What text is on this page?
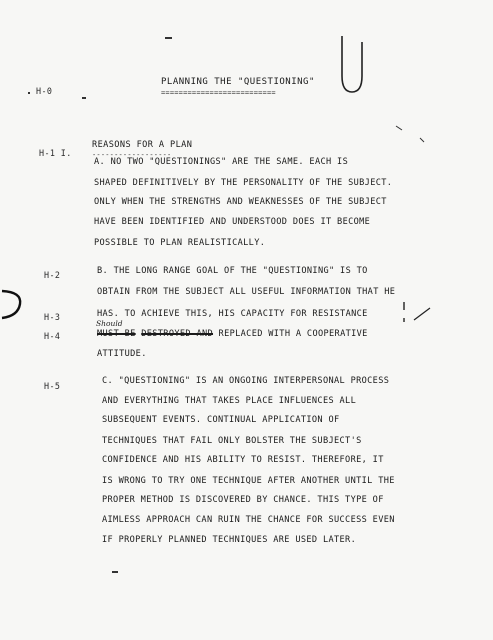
H-0
H-1 I.
H-2
H-3
H-4
H-5
PLANNING THE "QUESTIONING"
==========================
REASONS FOR A PLAN
------------------
A. NO TWO "QUESTIONINGS" ARE THE SAME. EACH IS
SHAPED DEFINITIVELY BY THE PERSONALITY OF THE SUBJECT.
ONLY WHEN THE STRENGTHS AND WEAKNESSES OF THE SUBJECT
HAVE BEEN IDENTIFIED AND UNDERSTOOD DOES IT BECOME
POSSIBLE TO PLAN REALISTICALLY.
B. THE LONG RANGE GOAL OF THE "QUESTIONING" IS TO
OBTAIN FROM THE SUBJECT ALL USEFUL INFORMATION THAT HE
HAS. TO ACHIEVE THIS, HIS CAPACITY FOR RESISTANCE
Should
MUST BE DESTROYED AND REPLACED WITH A COOPERATIVE
ATTITUDE.
C. "QUESTIONING" IS AN ONGOING INTERPERSONAL PROCESS
AND EVERYTHING THAT TAKES PLACE INFLUENCES ALL
SUBSEQUENT EVENTS. CONTINUAL APPLICATION OF
TECHNIQUES THAT FAIL ONLY BOLSTER THE SUBJECT'S
CONFIDENCE AND HIS ABILITY TO RESIST. THEREFORE, IT
IS WRONG TO TRY ONE TECHNIQUE AFTER ANOTHER UNTIL THE
PROPER METHOD IS DISCOVERED BY CHANCE. THIS TYPE OF
AIMLESS APPROACH CAN RUIN THE CHANCE FOR SUCCESS EVEN
IF PROPERLY PLANNED TECHNIQUES ARE USED LATER.
